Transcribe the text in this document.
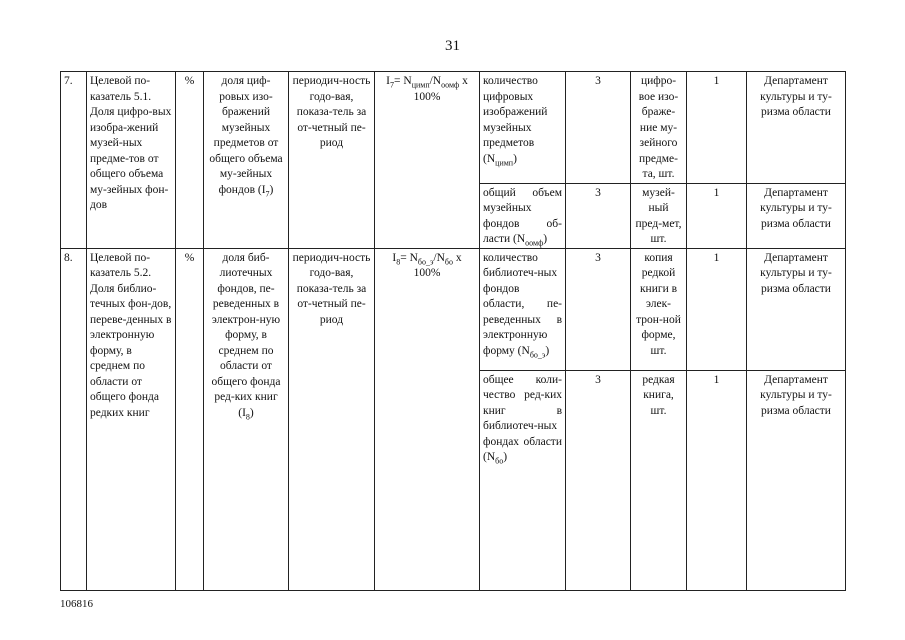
31
7.	Целевой по-казатель 5.1. Доля цифро-вых изобра-жений музей-ных предме-тов от общего объема му-зейных фон-дов	%	доля циф-ровых изо-бражений музейных предметов от общего объема му-зейных фондов $(I_7)$	периодич-ность годо-вая, показа-тель за от-четный пе-риод	$I_7= N_{цимп}/N_{оомф}$ х 100%	количество цифровых изображений музейных предметов $(N_{цимп})$	3	цифро-вое изо-браже-ние му-зейного предме-та, шт.	1	Департамент культуры и ту-ризма области
						общий объем музейных фондов об-ласти $(N_{оомф})$	3	музей-ный пред-мет, шт.	1	Департамент культуры и ту-ризма области
8.	Целевой по-казатель 5.2. Доля библио-течных фон-дов, переве-денных в электронную форму, в среднем по области от общего фонда редких книг	%	доля биб-лиотечных фондов, пе-реведенных в электрон-ную форму, в среднем по области от общего фонда ред-ких книг $(I_8)$	периодич-ность годо-вая, показа-тель за от-четный пе-риод	$I_8= N_{бо\_э}/N_{бо}$ х 100%	количество библиотеч-ных фондов области, пе-реведенных в электронную форму $(N_{бо\_э})$	3	копия редкой книги в элек-трон-ной форме, шт.	1	Департамент культуры и ту-ризма области
						общее коли-чество ред-ких книг в библиотеч-ных фондах области $(N_{бо})$	3	редкая книга, шт.	1	Департамент культуры и ту-ризма области
106816
